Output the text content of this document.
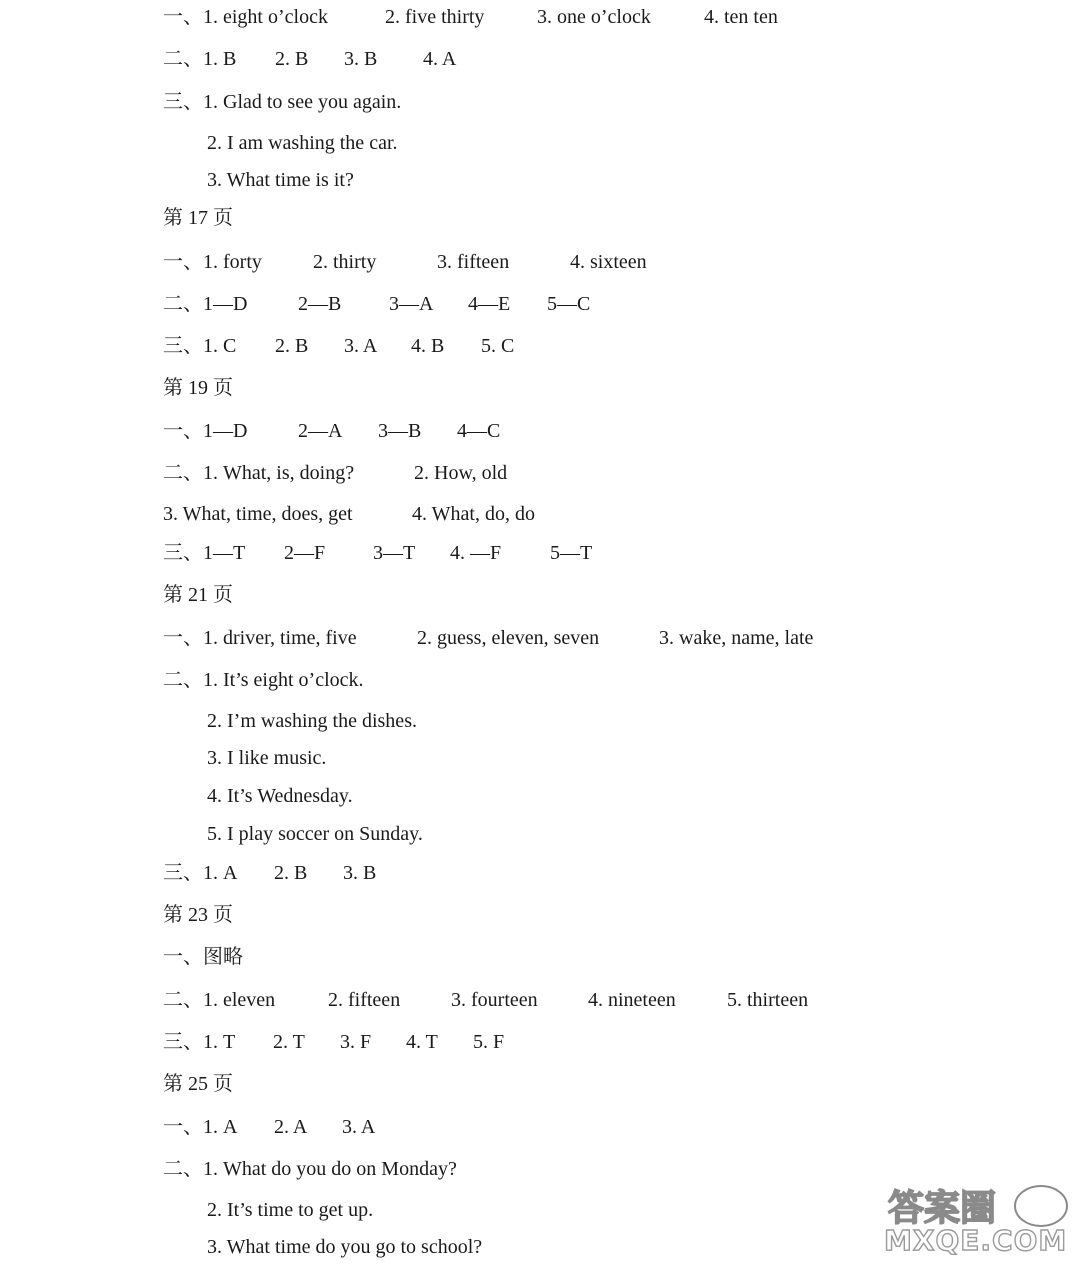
一、1. eight o’clock

	2. five thirty

	3. one o’clock

	4. ten ten

二、1. B

2. B

3. B

4. A

三、1. Glad to see you again.

2. I am washing the car.

3. What time is it?

第 17 页

一、1. forty

	2. thirty

	3. fifteen

	4. sixteen

二、1—D

	2—B

3—A

4—E

5—C

三、1. C

2. B

3. A

4. B

5. C

第 19 页

一、1—D

	2—A

3—B

4—C

二、1. What, is, doing?

	2. How, old

3. What, time, does, get

	4. What, do, do

三、1—T

2—F

3—T

4. —F

5—T

第 21 页

一、1. driver, time, five

	2. guess, eleven, seven

	3. wake, name, late

二、1. It’s eight o’clock.

2. I’m washing the dishes.

3. I like music.

4. It’s Wednesday.

5. I play soccer on Sunday.

三、1. A

2. B

3. B

第 23 页

一、图略

二、1. eleven

	2. fifteen

	3. fourteen

	4. nineteen

	5. thirteen

三、1. T

2. T

3. F

4. T

5. F

第 25 页

一、1. A

2. A

3. A

二、1. What do you do on Monday?

2. It’s time to get up.

3. What time do you go to school?

答案圈
MXQE.COM
